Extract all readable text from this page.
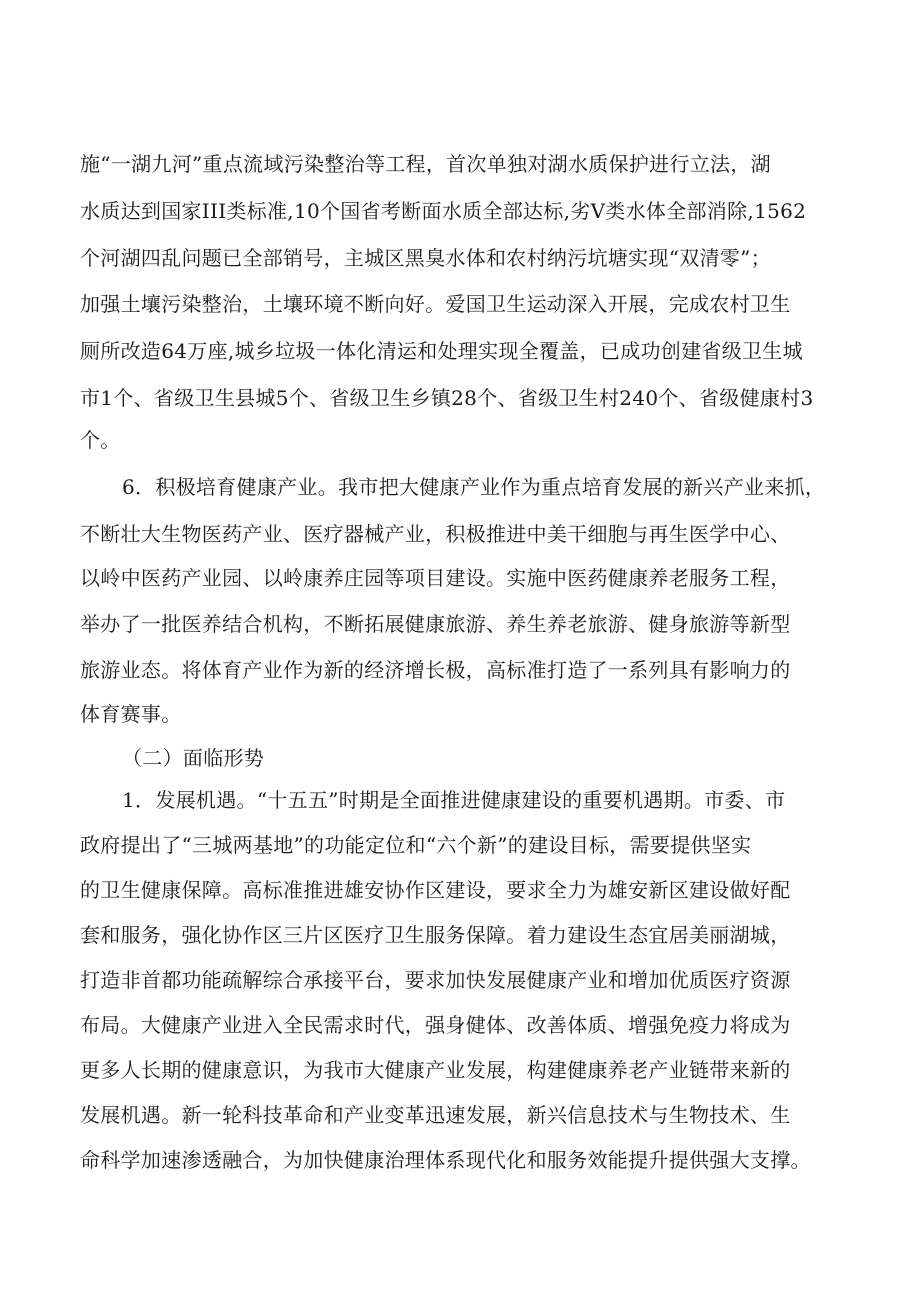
施“一湖九河”重点流域污染整治等工程，首次单独对湖水质保护进行立法，湖
水质达到国家III类标准,10个国省考断面水质全部达标,劣V类水体全部消除,1562
个河湖四乱问题已全部销号，主城区黑臭水体和农村纳污坑塘实现“双清零”；
加强土壤污染整治，土壤环境不断向好。爱国卫生运动深入开展，完成农村卫生
厕所改造64万座,城乡垃圾一体化清运和处理实现全覆盖，已成功创建省级卫生城
市1个、省级卫生县城5个、省级卫生乡镇28个、省级卫生村240个、省级健康村3
个。
6．积极培育健康产业。我市把大健康产业作为重点培育发展的新兴产业来抓，
不断壮大生物医药产业、医疗器械产业，积极推进中美干细胞与再生医学中心、
以岭中医药产业园、以岭康养庄园等项目建设。实施中医药健康养老服务工程，
举办了一批医养结合机构，不断拓展健康旅游、养生养老旅游、健身旅游等新型
旅游业态。将体育产业作为新的经济增长极，高标准打造了一系列具有影响力的
体育赛事。
（二）面临形势
1．发展机遇。“十五五”时期是全面推进健康建设的重要机遇期。市委、市
政府提出了“三城两基地”的功能定位和“六个新”的建设目标，需要提供坚实
的卫生健康保障。高标准推进雄安协作区建设，要求全力为雄安新区建设做好配
套和服务，强化协作区三片区医疗卫生服务保障。着力建设生态宜居美丽湖城，
打造非首都功能疏解综合承接平台，要求加快发展健康产业和增加优质医疗资源
布局。大健康产业进入全民需求时代，强身健体、改善体质、增强免疫力将成为
更多人长期的健康意识，为我市大健康产业发展，构建健康养老产业链带来新的
发展机遇。新一轮科技革命和产业变革迅速发展，新兴信息技术与生物技术、生
命科学加速渗透融合，为加快健康治理体系现代化和服务效能提升提供强大支撑。
